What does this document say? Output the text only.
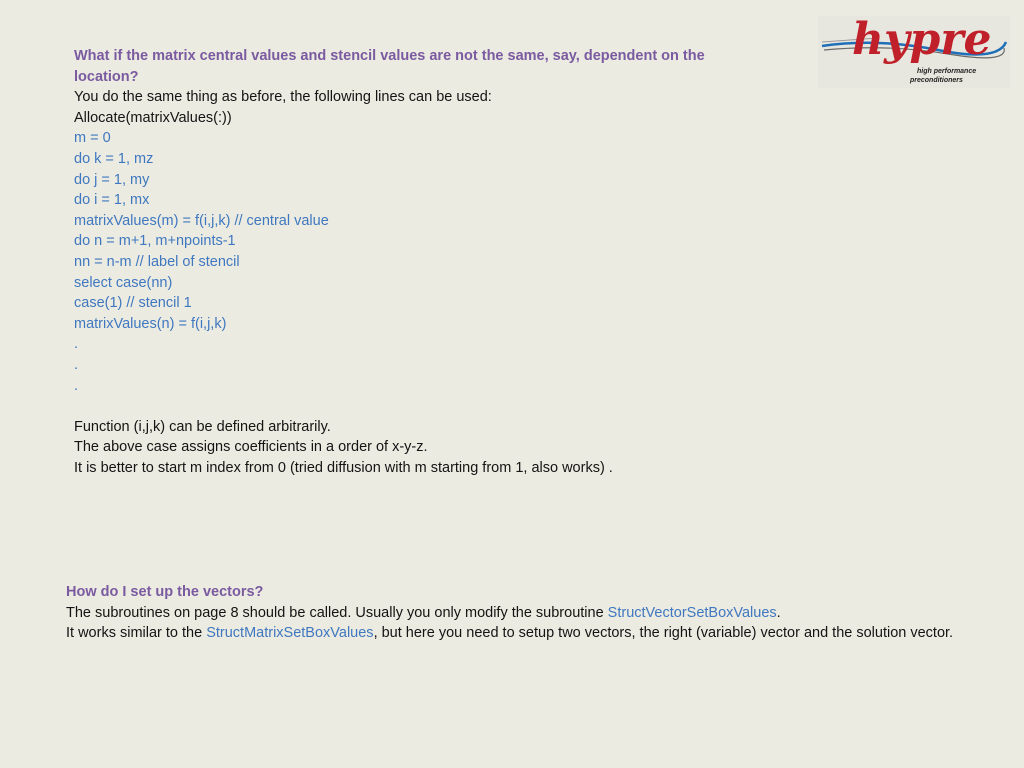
What if the matrix central values and stencil values are not the same, say, dependent on the location?
You do the same thing as before, the following lines can be used:
Allocate(matrixValues(:))
m = 0
do k = 1, mz
do j = 1, my
do i = 1, mx
matrixValues(m) = f(i,j,k) // central value
do n = m+1, m+npoints-1
nn = n-m // label of stencil
select case(nn)
case(1) // stencil 1
matrixValues(n) = f(i,j,k)
.
.
.
Function (i,j,k) can be defined arbitrarily.
The above case assigns coefficients in a order of x-y-z.
It is better to start m index from 0 (tried diffusion with m starting from 1, also works) .
How do I set up the vectors?
The subroutines on page 8 should be called. Usually you only modify the subroutine StructVectorSetBoxValues.
It works similar to the StructMatrixSetBoxValues, but here you need to setup two vectors, the right (variable) vector and the solution vector.
hypre
high performance
preconditioners
